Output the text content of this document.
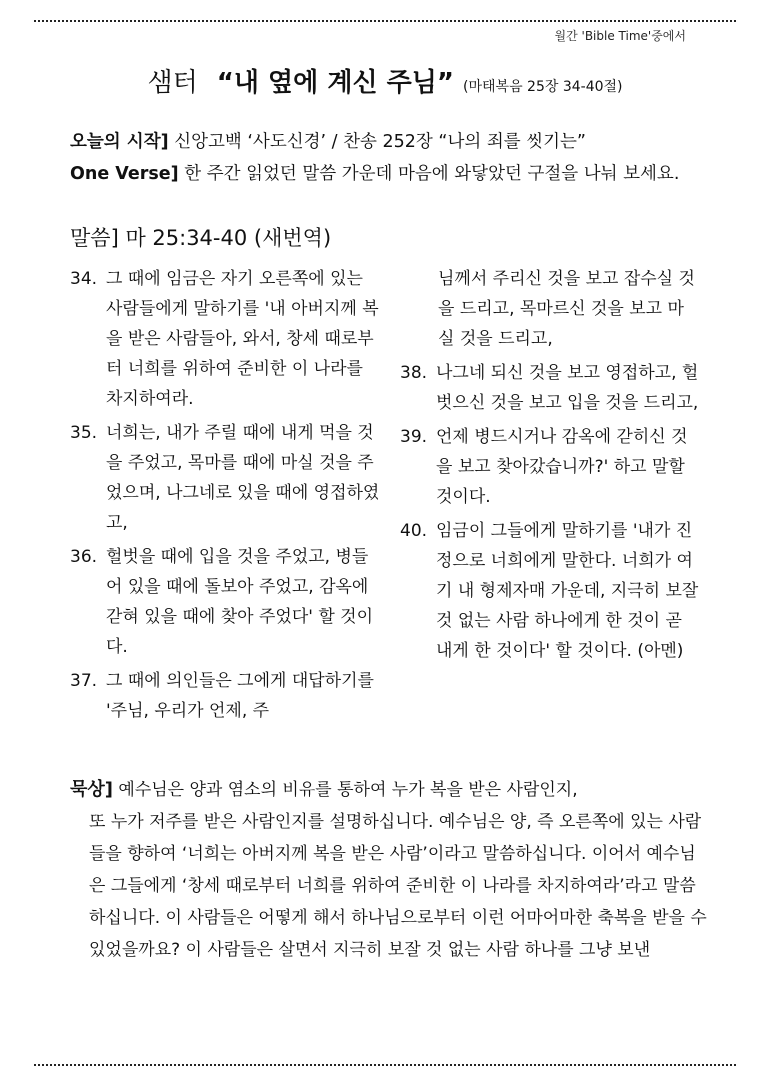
월간 'Bible Time'중에서
샘터 “내 옆에 계신 주님” (마태복음 25장 34-40절)
오늘의 시작] 신앙고백 ‘사도신경’ / 찬송 252장 “나의 죄를 씻기는”
One Verse] 한 주간 읽었던 말씀 가운데 마음에 와닿았던 구절을 나눠 보세요.
말씀] 마 25:34-40 (새번역)
34. 그 때에 임금은 자기 오른쪽에 있는 사람들에게 말하기를 '내 아버지께 복을 받은 사람들아, 와서, 창세 때로부터 너희를 위하여 준비한 이 나라를 차지하여라.
35. 너희는, 내가 주릴 때에 내게 먹을 것을 주었고, 목마를 때에 마실 것을 주었으며, 나그네로 있을 때에 영접하였고,
36. 헐벗을 때에 입을 것을 주었고, 병들어 있을 때에 돌보아 주었고, 감옥에 갇혀 있을 때에 찾아 주었다' 할 것이다.
37. 그 때에 의인들은 그에게 대답하기를 '주님, 우리가 언제, 주
님께서 주리신 것을 보고 잡수실 것을 드리고, 목마르신 것을 보고 마실 것을 드리고,
38. 나그네 되신 것을 보고 영접하고, 헐벗으신 것을 보고 입을 것을 드리고,
39. 언제 병드시거나 감옥에 갇히신 것을 보고 찾아갔습니까?' 하고 말할 것이다.
40. 임금이 그들에게 말하기를 '내가 진정으로 너희에게 말한다. 너희가 여기 내 형제자매 가운데, 지극히 보잘 것 없는 사람 하나에게 한 것이 곧 내게 한 것이다' 할 것이다. (아멘)
묵상] 예수님은 양과 염소의 비유를 통하여 누가 복을 받은 사람인지,
또 누가 저주를 받은 사람인지를 설명하십니다. 예수님은 양, 즉 오른쪽에 있는 사람들을 향하여 ‘너희는 아버지께 복을 받은 사람’이라고 말씀하십니다. 이어서 예수님은 그들에게 ‘창세 때로부터 너희를 위하여 준비한 이 나라를 차지하여라’라고 말씀하십니다. 이 사람들은 어떻게 해서 하나님으로부터 이런 어마어마한 축복을 받을 수 있었을까요? 이 사람들은 살면서 지극히 보잘 것 없는 사람 하나를 그냥 보낸
